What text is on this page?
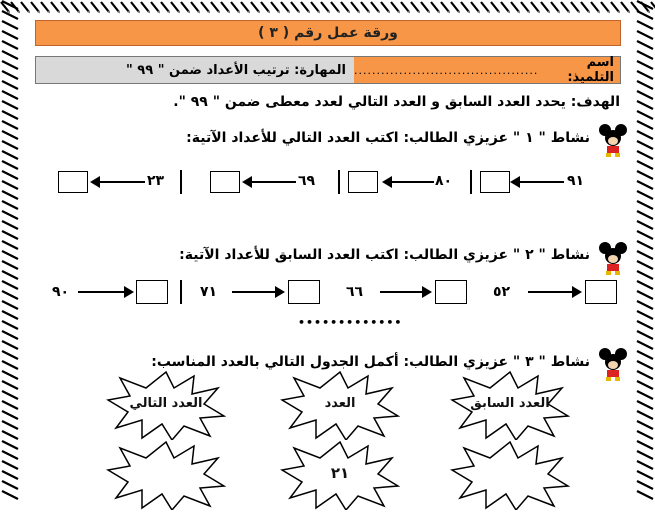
ورقة عمل رقم ( ٣ )
اسم التلميذ:
.........................................
المهارة: ترتيب الأعداد ضمن " ٩٩ "
الهدف: يحدد العدد السابق و العدد التالي لعدد معطى ضمن " ٩٩ ".
نشاط " ١ " عزيزي الطالب: اكتب العدد التالي للأعداد الآتية:
٩١
٨٠
٦٩
٢٣
نشاط " ٢ " عزيزي الطالب: اكتب العدد السابق للأعداد الآتية:
٥٢
٦٦
٧١
٩٠
•••••••••••••
نشاط " ٣ " عزيزي الطالب: أكمل الجدول التالي بالعدد المناسب:
العدد السابق
العدد
العدد التالي
٢١
